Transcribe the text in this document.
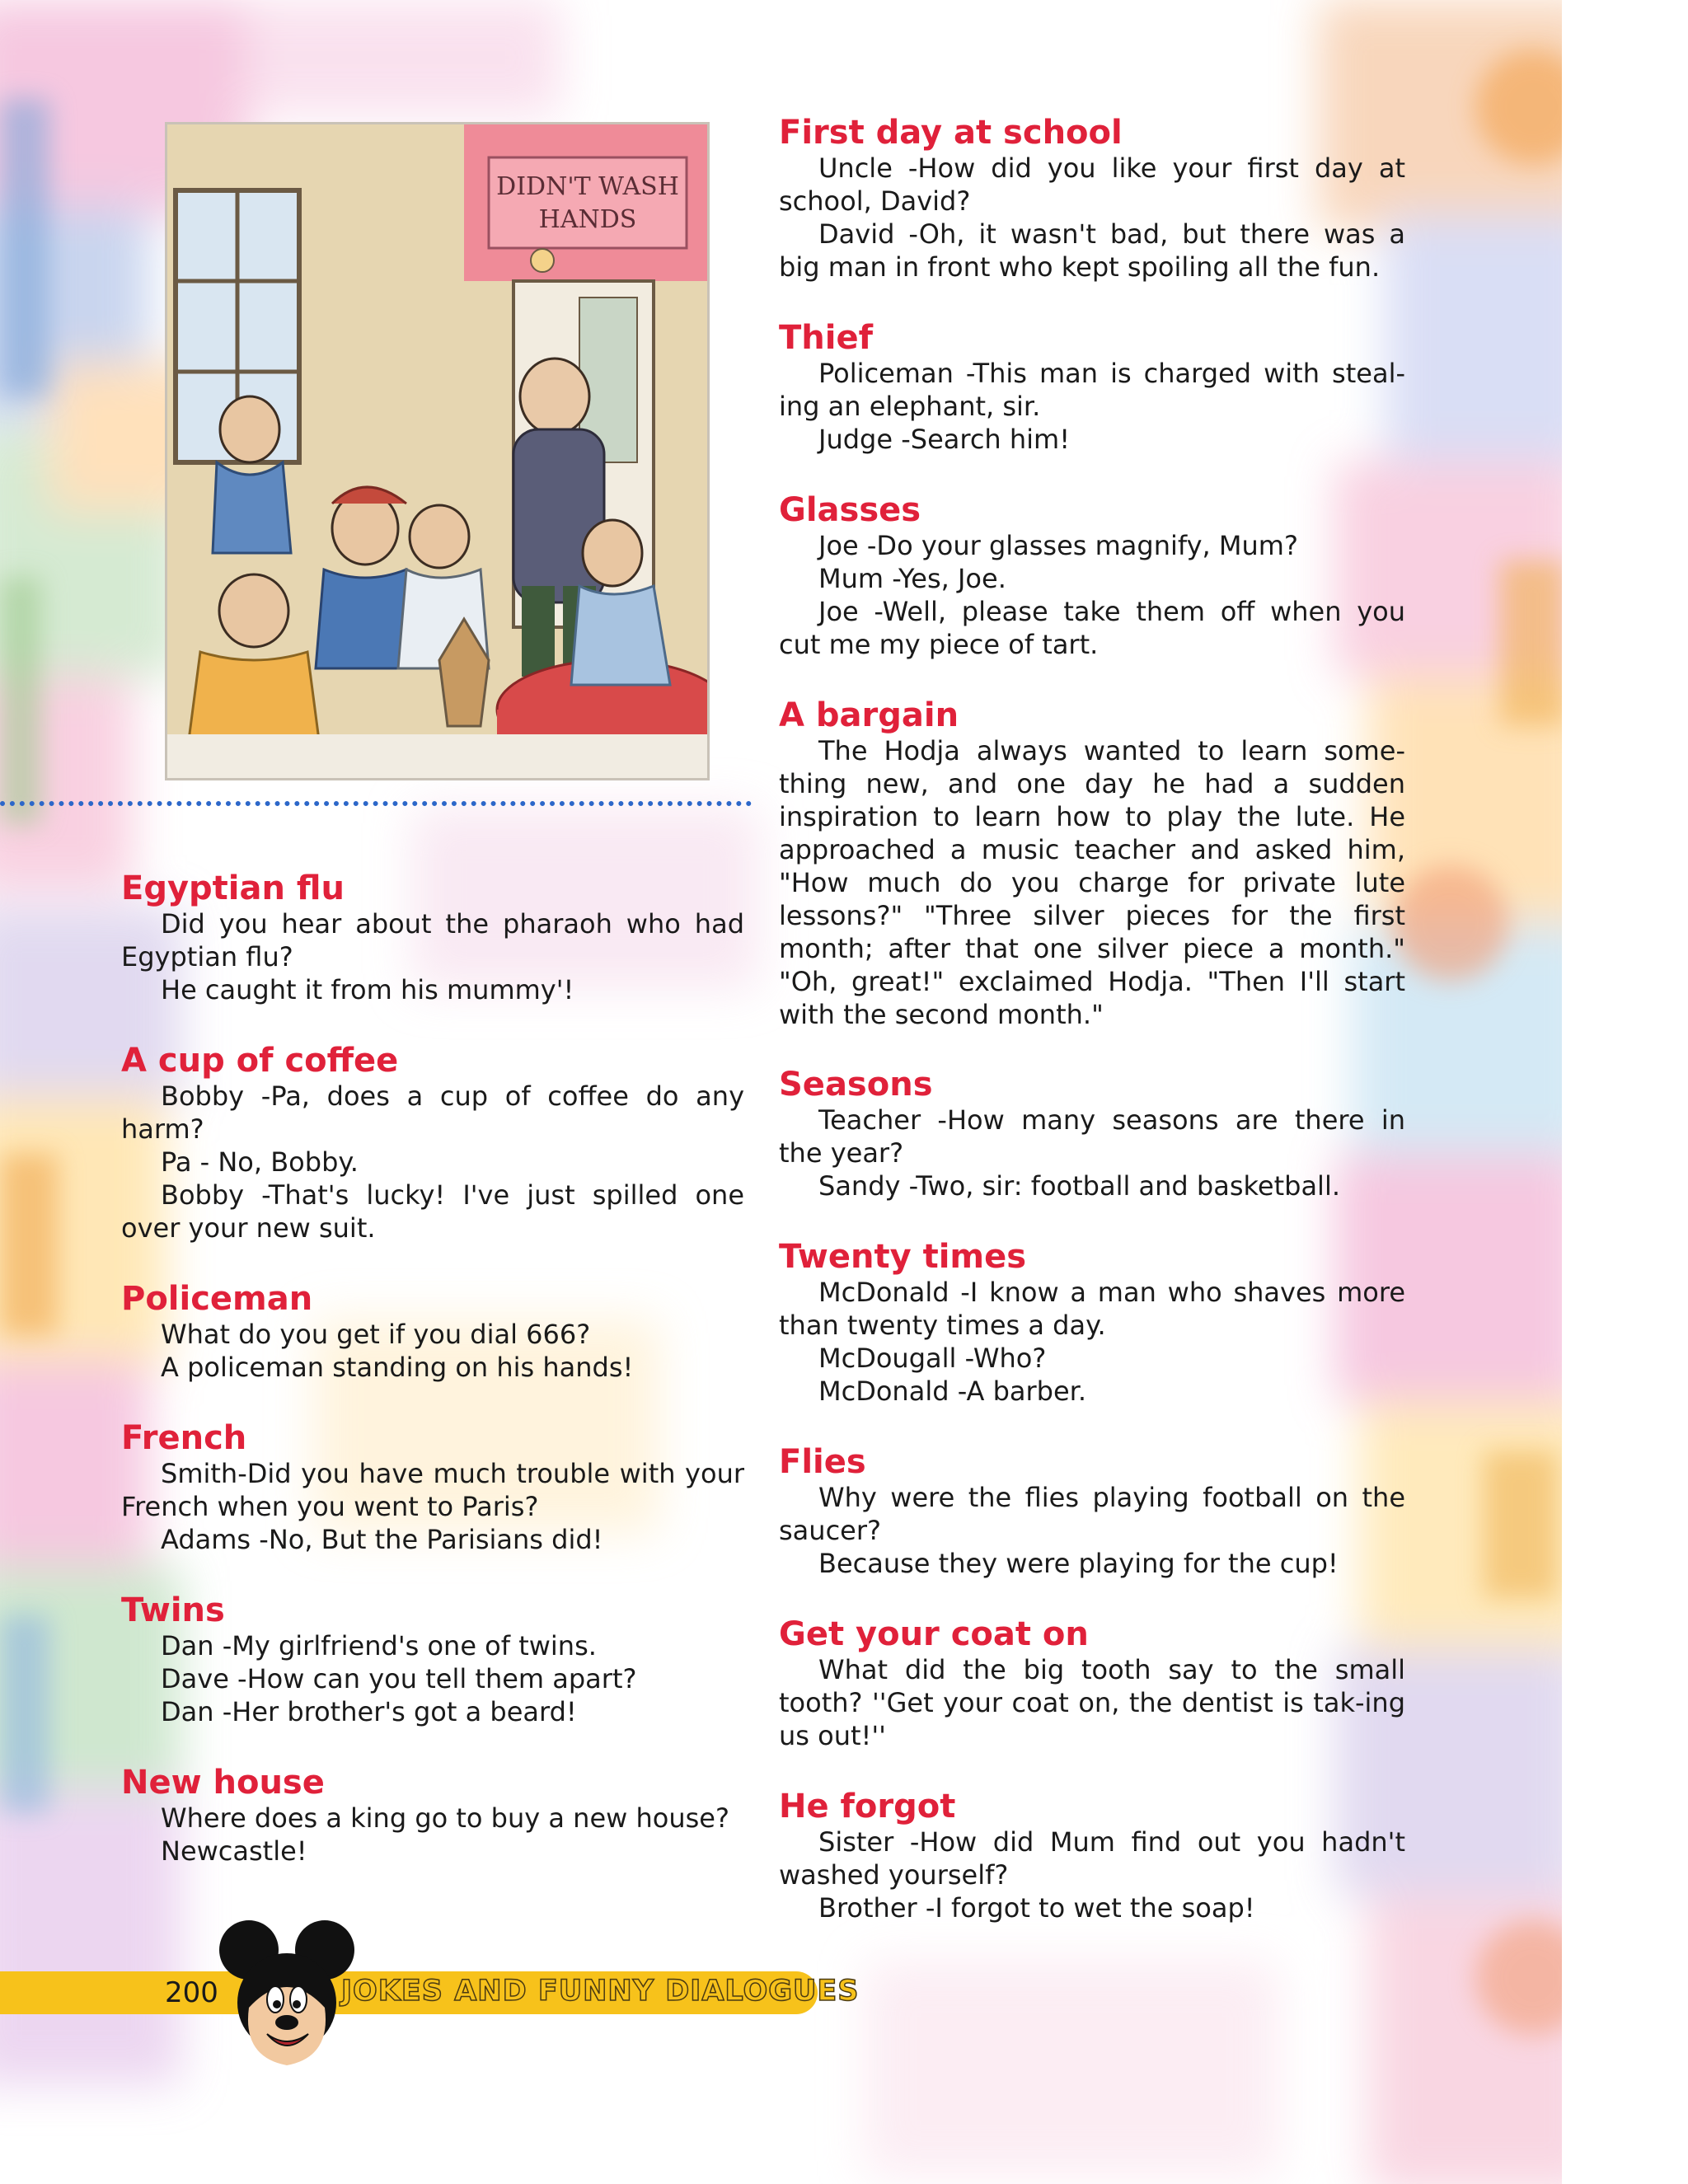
DIDN'T WASH
HANDS
Egyptian flu

Did you hear about the pharaoh who had Egyptian flu?

He caught it from his mummy'!

A cup of coffee

Bobby -Pa, does a cup of coffee do any harm?

Pa - No, Bobby.

Bobby -That's lucky! I've just spilled one over your new suit.

Policeman

What do you get if you dial 666?

A policeman standing on his hands!

French

Smith-Did you have much trouble with your French when you went to Paris?

Adams -No, But the Parisians did!

Twins

Dan -My girlfriend's one of twins.

Dave -How can you tell them apart?

Dan -Her brother's got a beard!

New house

Where does a king go to buy a new house?

Newcastle!

First day at school

Uncle -How did you like your first day at school, David?

David -Oh, it wasn't bad, but there was a big man in front who kept spoiling all the fun.

Thief

Policeman -This man is charged with steal-ing an elephant, sir.

Judge -Search him!

Glasses

Joe -Do your glasses magnify, Mum?

Mum -Yes, Joe.

Joe -Well, please take them off when you cut me my piece of tart.

A bargain

The Hodja always wanted to learn some-thing new, and one day he had a sudden inspiration to learn how to play the lute. He approached a music teacher and asked him, "How much do you charge for private lute lessons?" "Three silver pieces for the first month; after that one silver piece a month." "Oh, great!" exclaimed Hodja. "Then I'll start with the second month."

Seasons

Teacher -How many seasons are there in the year?

Sandy -Two, sir: football and basketball.

Twenty times

McDonald -I know a man who shaves more than twenty times a day.

McDougall -Who?

McDonald -A barber.

Flies

Why were the flies playing football on the saucer?

Because they were playing for the cup!

Get your coat on

What did the big tooth say to the small tooth? ''Get your coat on, the dentist is tak-ing us out!''

He forgot

Sister -How did Mum find out you hadn't washed yourself?

Brother -I forgot to wet the soap!

200	JOKES AND FUNNY DIALOGUES
